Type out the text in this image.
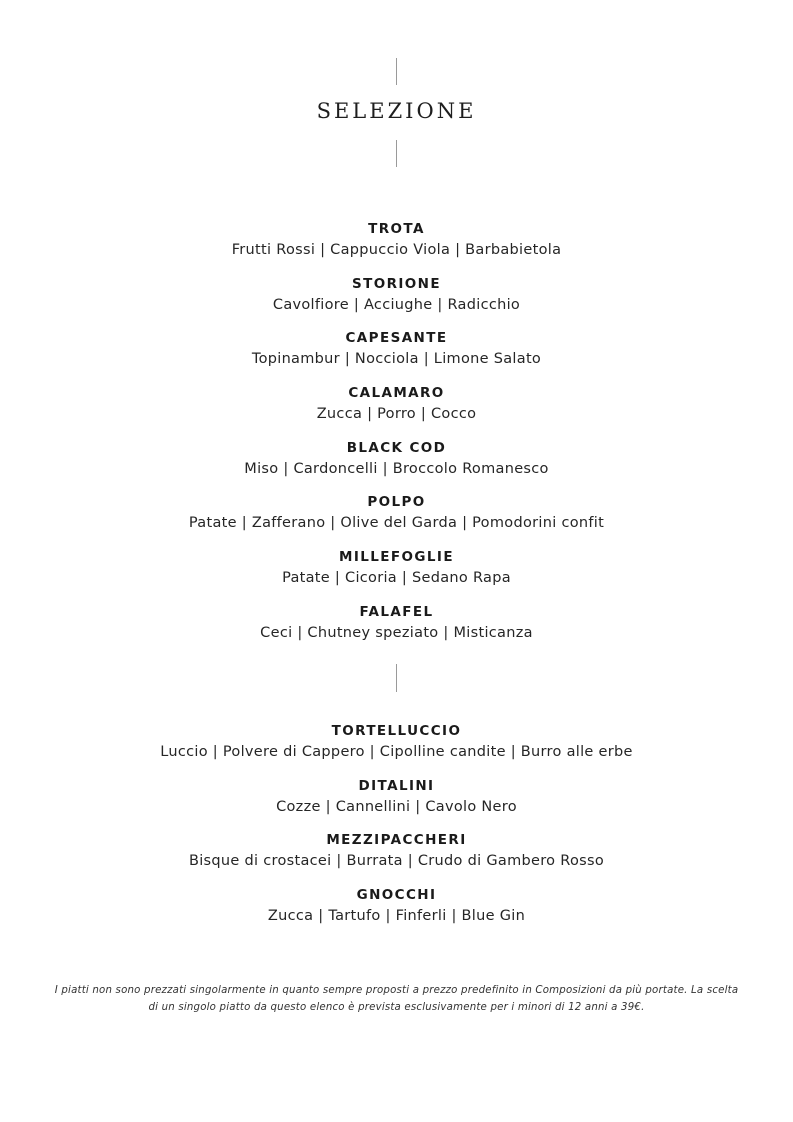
SELEZIONE
TROTA
Frutti Rossi | Cappuccio Viola | Barbabietola
STORIONE
Cavolfiore | Acciughe | Radicchio
CAPESANTE
Topinambur | Nocciola | Limone Salato
CALAMARO
Zucca | Porro | Cocco
BLACK COD
Miso | Cardoncelli | Broccolo Romanesco
POLPO
Patate | Zafferano | Olive del Garda | Pomodorini confit
MILLEFOGLIE
Patate | Cicoria | Sedano Rapa
FALAFEL
Ceci | Chutney speziato | Misticanza
TORTELLUCCIO
Luccio | Polvere di Cappero | Cipolline candite | Burro alle erbe
DITALINI
Cozze | Cannellini | Cavolo Nero
MEZZIPACCHERI
Bisque di crostacei | Burrata | Crudo di Gambero Rosso
GNOCCHI
Zucca | Tartufo | Finferli | Blue Gin

I piatti non sono prezzati singolarmente in quanto sempre proposti a prezzo predefinito in Composizioni da più portate. La scelta di un singolo piatto da questo elenco è prevista esclusivamente per i minori di 12 anni a 39€.
